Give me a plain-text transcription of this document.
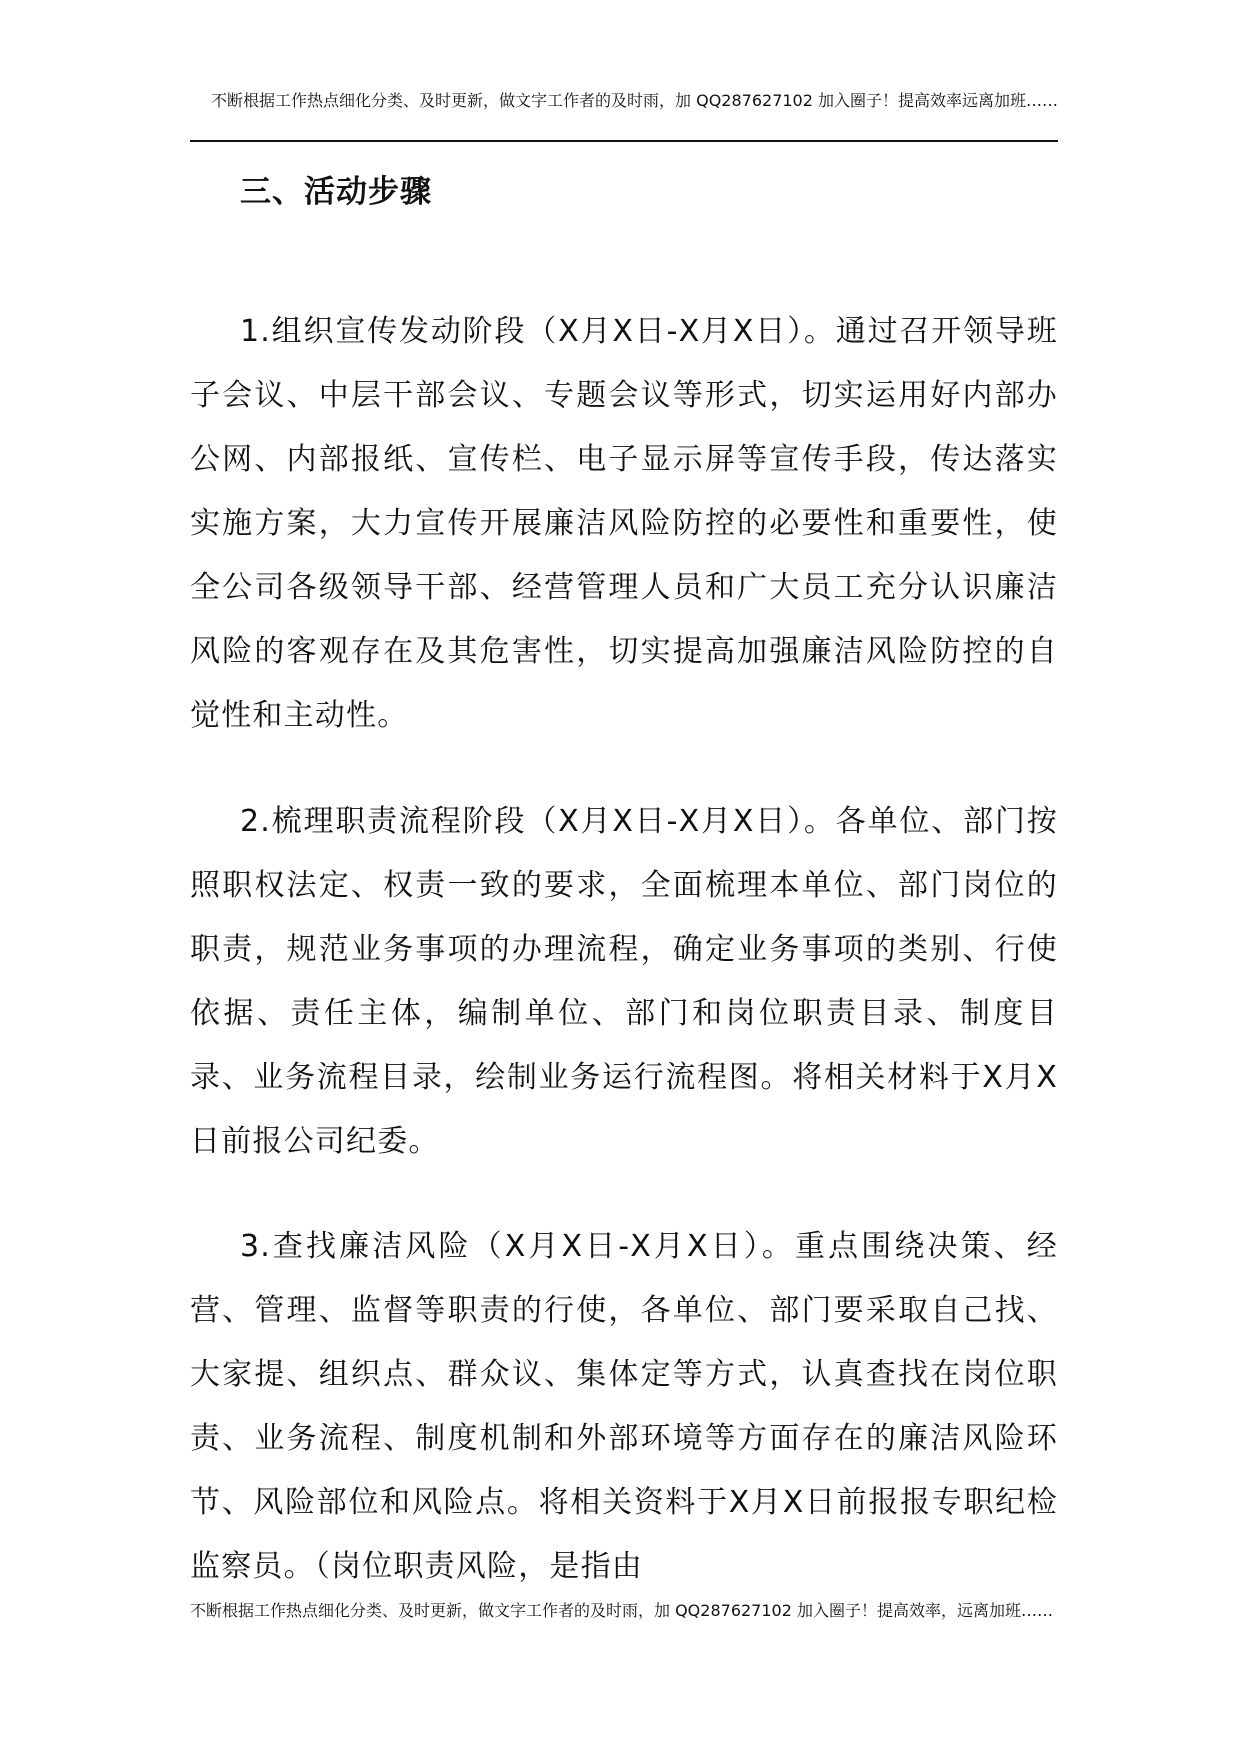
不断根据工作热点细化分类、及时更新，做文字工作者的及时雨，加 QQ287627102 加入圈子！提高效率远离加班……
三、活动步骤

1.组织宣传发动阶段（X月X日-X月X日）。通过召开领导班子会议、中层干部会议、专题会议等形式，切实运用好内部办公网、内部报纸、宣传栏、电子显示屏等宣传手段，传达落实实施方案，大力宣传开展廉洁风险防控的必要性和重要性，使全公司各级领导干部、经营管理人员和广大员工充分认识廉洁风险的客观存在及其危害性，切实提高加强廉洁风险防控的自觉性和主动性。

2.梳理职责流程阶段（X月X日-X月X日）。各单位、部门按照职权法定、权责一致的要求，全面梳理本单位、部门岗位的职责，规范业务事项的办理流程，确定业务事项的类别、行使依据、责任主体，编制单位、部门和岗位职责目录、制度目录、业务流程目录，绘制业务运行流程图。将相关材料于X月X日前报公司纪委。

3.查找廉洁风险（X月X日-X月X日）。重点围绕决策、经营、管理、监督等职责的行使，各单位、部门要采取自己找、大家提、组织点、群众议、集体定等方式，认真查找在岗位职责、业务流程、制度机制和外部环境等方面存在的廉洁风险环节、风险部位和风险点。将相关资料于X月X日前报报专职纪检监察员。（岗位职责风险，是指由

不断根据工作热点细化分类、及时更新，做文字工作者的及时雨，加 QQ287627102 加入圈子！提高效率，远离加班……
